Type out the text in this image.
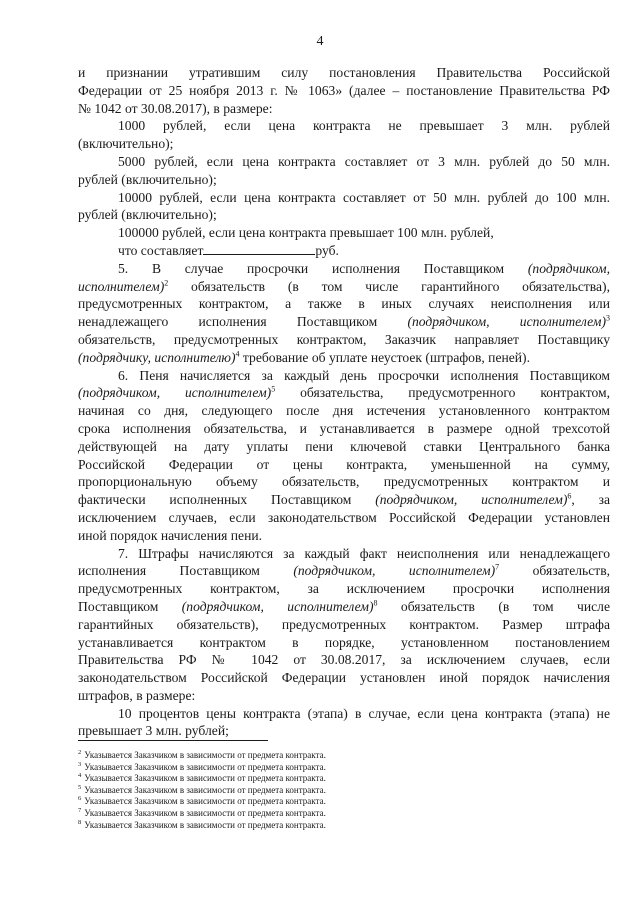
4

и признании утратившим силу постановления Правительства Российской
Федерации от 25 ноября 2013 г. № 1063» (далее – постановление Правительства РФ
№ 1042 от 30.08.2017), в размере:

1000 рублей, если цена контракта не превышает 3 млн. рублей
(включительно);

5000 рублей, если цена контракта составляет от 3 млн. рублей до 50 млн.
рублей (включительно);

10000 рублей, если цена контракта составляет от 50 млн. рублей до 100 млн.
рублей (включительно);

100000 рублей, если цена контракта превышает 100 млн. рублей,
что составляет	руб.

5. В случае просрочки исполнения Поставщиком (подрядчиком,
исполнителем)$^2$ обязательств (в том числе гарантийного обязательства),
предусмотренных контрактом, а также в иных случаях неисполнения или
ненадлежащего исполнения Поставщиком (подрядчиком, исполнителем)$^3$
обязательств, предусмотренных контрактом, Заказчик направляет Поставщику
(подрядчику, исполнителю)$^4$ требование об уплате неустоек (штрафов, пеней).

6. Пеня начисляется за каждый день просрочки исполнения Поставщиком
(подрядчиком, исполнителем)$^5$ обязательства, предусмотренного контрактом,
начиная со дня, следующего после дня истечения установленного контрактом
срока исполнения обязательства, и устанавливается в размере одной трехсотой
действующей на дату уплаты пени ключевой ставки Центрального банка
Российской Федерации от цены контракта, уменьшенной на сумму,
пропорциональную объему обязательств, предусмотренных контрактом и
фактически исполненных Поставщиком (подрядчиком, исполнителем)$^6$, за
исключением случаев, если законодательством Российской Федерации установлен
иной порядок начисления пени.

7. Штрафы начисляются за каждый факт неисполнения или ненадлежащего
исполнения Поставщиком (подрядчиком, исполнителем)$^7$ обязательств,
предусмотренных контрактом, за исключением просрочки исполнения
Поставщиком (подрядчиком, исполнителем)$^8$ обязательств (в том числе
гарантийных обязательств), предусмотренных контрактом. Размер штрафа
устанавливается контрактом в порядке, установленном постановлением
Правительства РФ № 1042 от 30.08.2017, за исключением случаев, если
законодательством Российской Федерации установлен иной порядок начисления
штрафов, в размере:

10 процентов цены контракта (этапа) в случае, если цена контракта (этапа) не
превышает 3 млн. рублей;

$^2$ Указывается Заказчиком в зависимости от предмета контракта.
$^3$ Указывается Заказчиком в зависимости от предмета контракта.
$^4$ Указывается Заказчиком в зависимости от предмета контракта.
$^5$ Указывается Заказчиком в зависимости от предмета контракта.
$^6$ Указывается Заказчиком в зависимости от предмета контракта.
$^7$ Указывается Заказчиком в зависимости от предмета контракта.
$^8$ Указывается Заказчиком в зависимости от предмета контракта.
